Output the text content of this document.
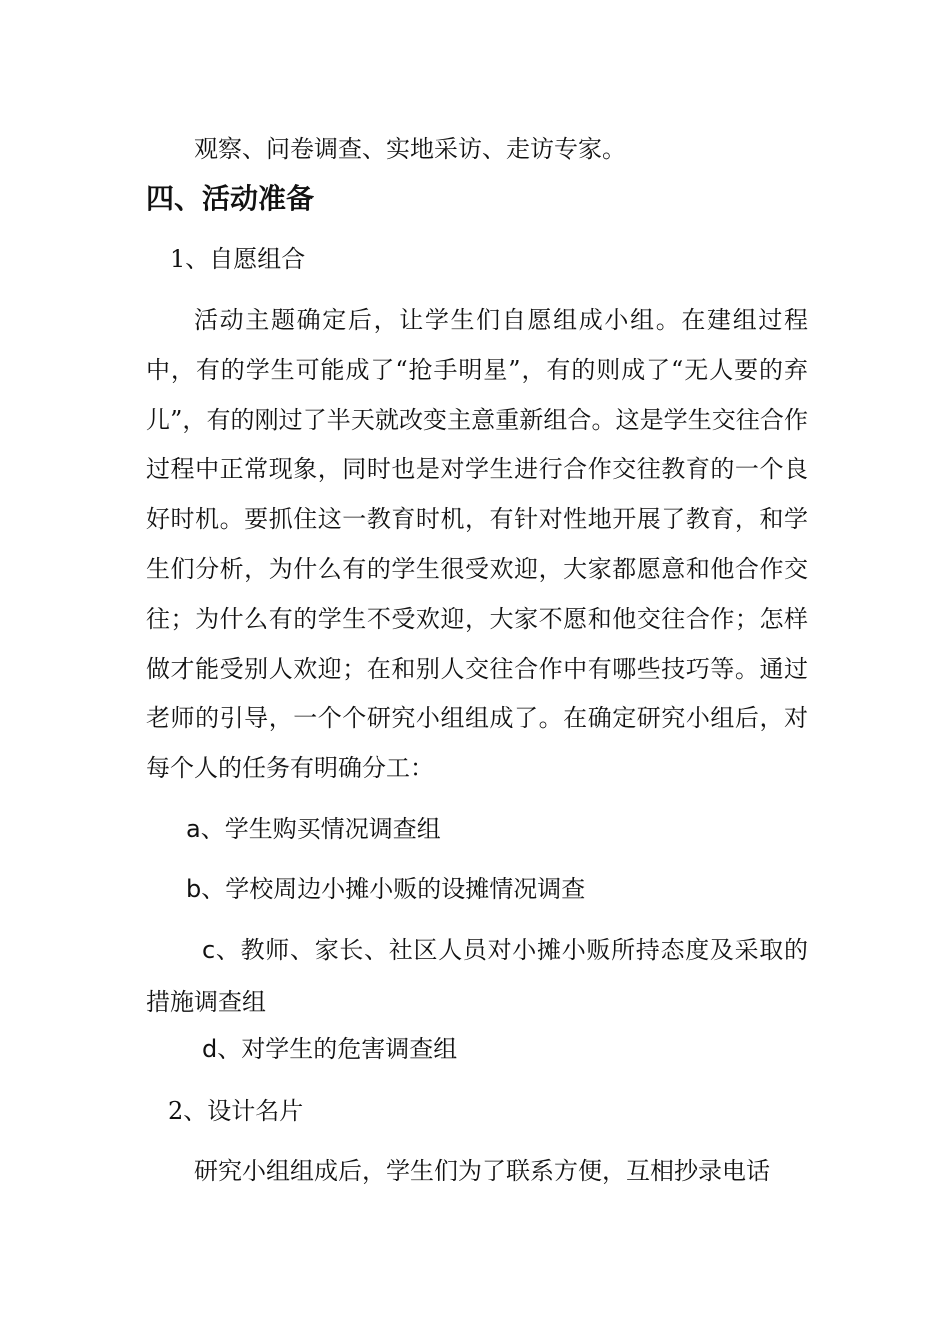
观察、问卷调查、实地采访、走访专家。
四、活动准备
1、自愿组合

活动主题确定后，让学生们自愿组成小组。在建组过程中，有的学生可能成了“抢手明星”，有的则成了“无人要的弃儿”，有的刚过了半天就改变主意重新组合。这是学生交往合作过程中正常现象，同时也是对学生进行合作交往教育的一个良好时机。要抓住这一教育时机，有针对性地开展了教育，和学生们分析，为什么有的学生很受欢迎，大家都愿意和他合作交往；为什么有的学生不受欢迎，大家不愿和他交往合作；怎样做才能受别人欢迎；在和别人交往合作中有哪些技巧等。通过老师的引导，一个个研究小组组成了。在确定研究小组后，对每个人的任务有明确分工：

a、学生购买情况调查组
b、学校周边小摊小贩的设摊情况调查

c、教师、家长、社区人员对小摊小贩所持态度及采取的措施调查组

d、对学生的危害调查组
2、设计名片
研究小组组成后，学生们为了联系方便，互相抄录电话
